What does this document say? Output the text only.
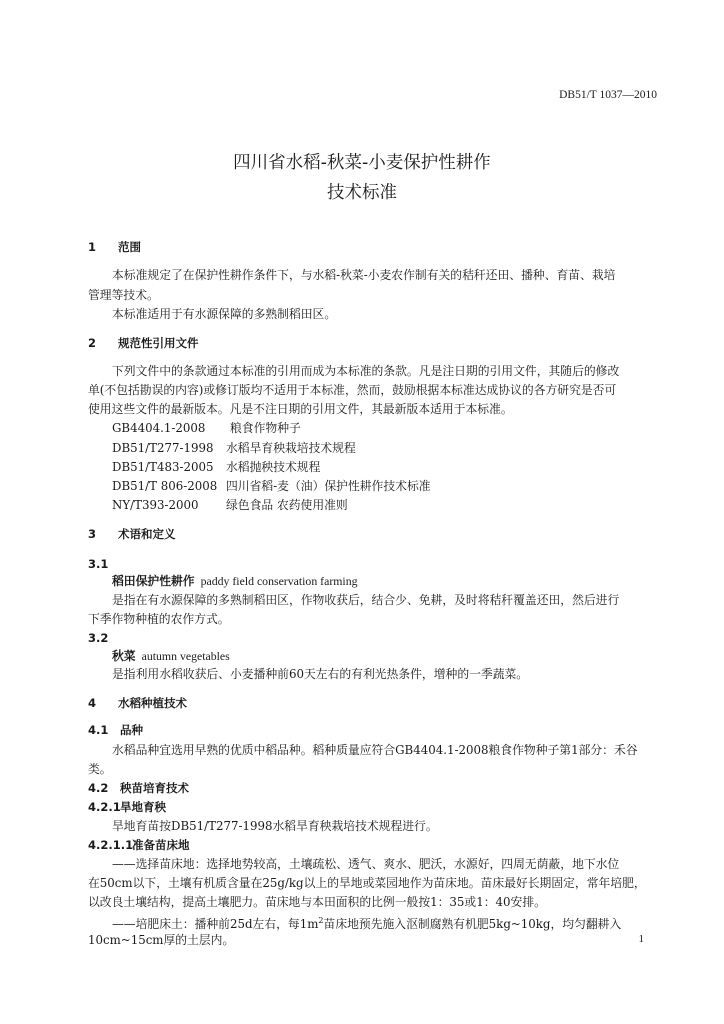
DB51/T 1037—2010
四川省水稻-秋菜-小麦保护性耕作
技术标准
1 范围
本标准规定了在保护性耕作条件下，与水稻-秋菜-小麦农作制有关的秸秆还田、播种、育苗、栽培
管理等技术。
本标准适用于有水源保障的多熟制稻田区。
2 规范性引用文件
下列文件中的条款通过本标准的引用而成为本标准的条款。凡是注日期的引用文件，其随后的修改
单(不包括勘误的内容)或修订版均不适用于本标准，然而，鼓励根据本标准达成协议的各方研究是否可
使用这些文件的最新版本。凡是不注日期的引用文件，其最新版本适用于本标准。
GB4404.1-2008 粮食作物种子
DB51/T277-1998 水稻旱育秧栽培技术规程
DB51/T483-2005 水稻抛秧技术规程
DB51/T 806-2008 四川省稻-麦（油）保护性耕作技术标准
NY/T393-2000 绿色食品 农药使用准则
3 术语和定义
3.1
稻田保护性耕作 paddy field conservation farming
是指在有水源保障的多熟制稻田区，作物收获后，结合少、免耕，及时将秸秆覆盖还田，然后进行
下季作物种植的农作方式。
3.2
秋菜 autumn vegetables
是指利用水稻收获后、小麦播种前60天左右的有利光热条件，增种的一季蔬菜。
4 水稻种植技术
4.1 品种
水稻品种宜选用早熟的优质中稻品种。稻种质量应符合GB4404.1-2008粮食作物种子第1部分：禾谷
类。
4.2 秧苗培育技术
4.2.1旱地育秧
旱地育苗按DB51/T277-1998水稻旱育秧栽培技术规程进行。
4.2.1.1准备苗床地
——选择苗床地：选择地势较高，土壤疏松、透气、爽水、肥沃，水源好，四周无荫蔽，地下水位
在50cm以下，土壤有机质含量在25g/kg以上的旱地或菜园地作为苗床地。苗床最好长期固定，常年培肥，
以改良土壤结构，提高土壤肥力。苗床地与本田面积的比例一般按1：35或1：40安排。
——培肥床土：播种前25d左右，每$1m^2$苗床地预先施入沤制腐熟有机肥5kg~10kg，均匀翻耕入
10cm~15cm厚的土层内。	1
